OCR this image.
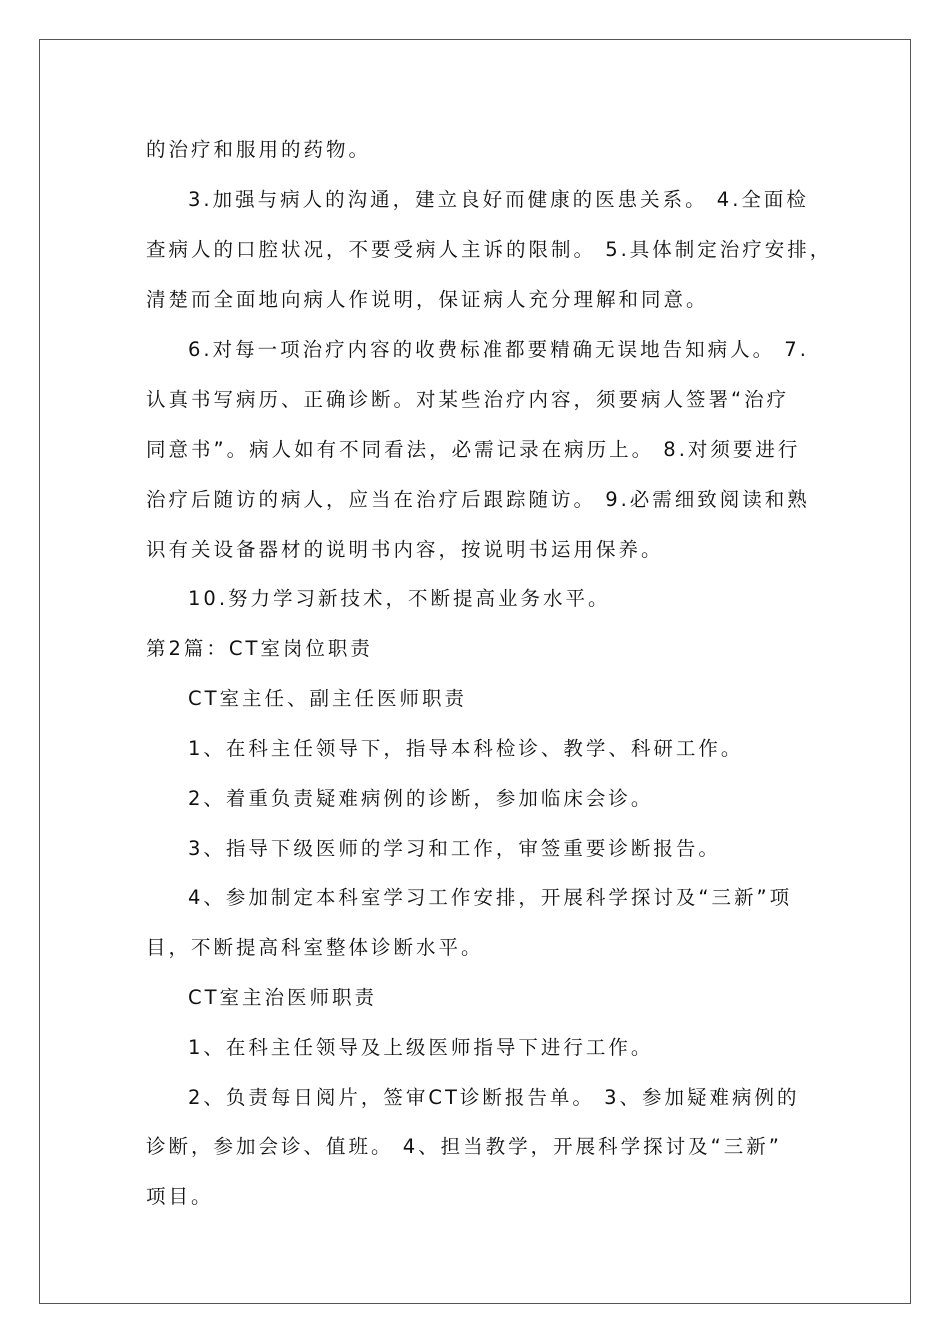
的治疗和服用的药物。
3.加强与病人的沟通，建立良好而健康的医患关系。 4.全面检
查病人的口腔状况，不要受病人主诉的限制。 5.具体制定治疗安排，
清楚而全面地向病人作说明，保证病人充分理解和同意。
6.对每一项治疗内容的收费标准都要精确无误地告知病人。 7.
认真书写病历、正确诊断。对某些治疗内容，须要病人签署“治疗
同意书”。病人如有不同看法，必需记录在病历上。 8.对须要进行
治疗后随访的病人，应当在治疗后跟踪随访。 9.必需细致阅读和熟
识有关设备器材的说明书内容，按说明书运用保养。
10.努力学习新技术，不断提高业务水平。
第2篇：CT室岗位职责
CT室主任、副主任医师职责
1、在科主任领导下，指导本科检诊、教学、科研工作。
2、着重负责疑难病例的诊断，参加临床会诊。
3、指导下级医师的学习和工作，审签重要诊断报告。
4、参加制定本科室学习工作安排，开展科学探讨及“三新”项
目，不断提高科室整体诊断水平。
CT室主治医师职责
1、在科主任领导及上级医师指导下进行工作。
2、负责每日阅片，签审CT诊断报告单。 3、参加疑难病例的
诊断，参加会诊、值班。 4、担当教学，开展科学探讨及“三新”
项目。
